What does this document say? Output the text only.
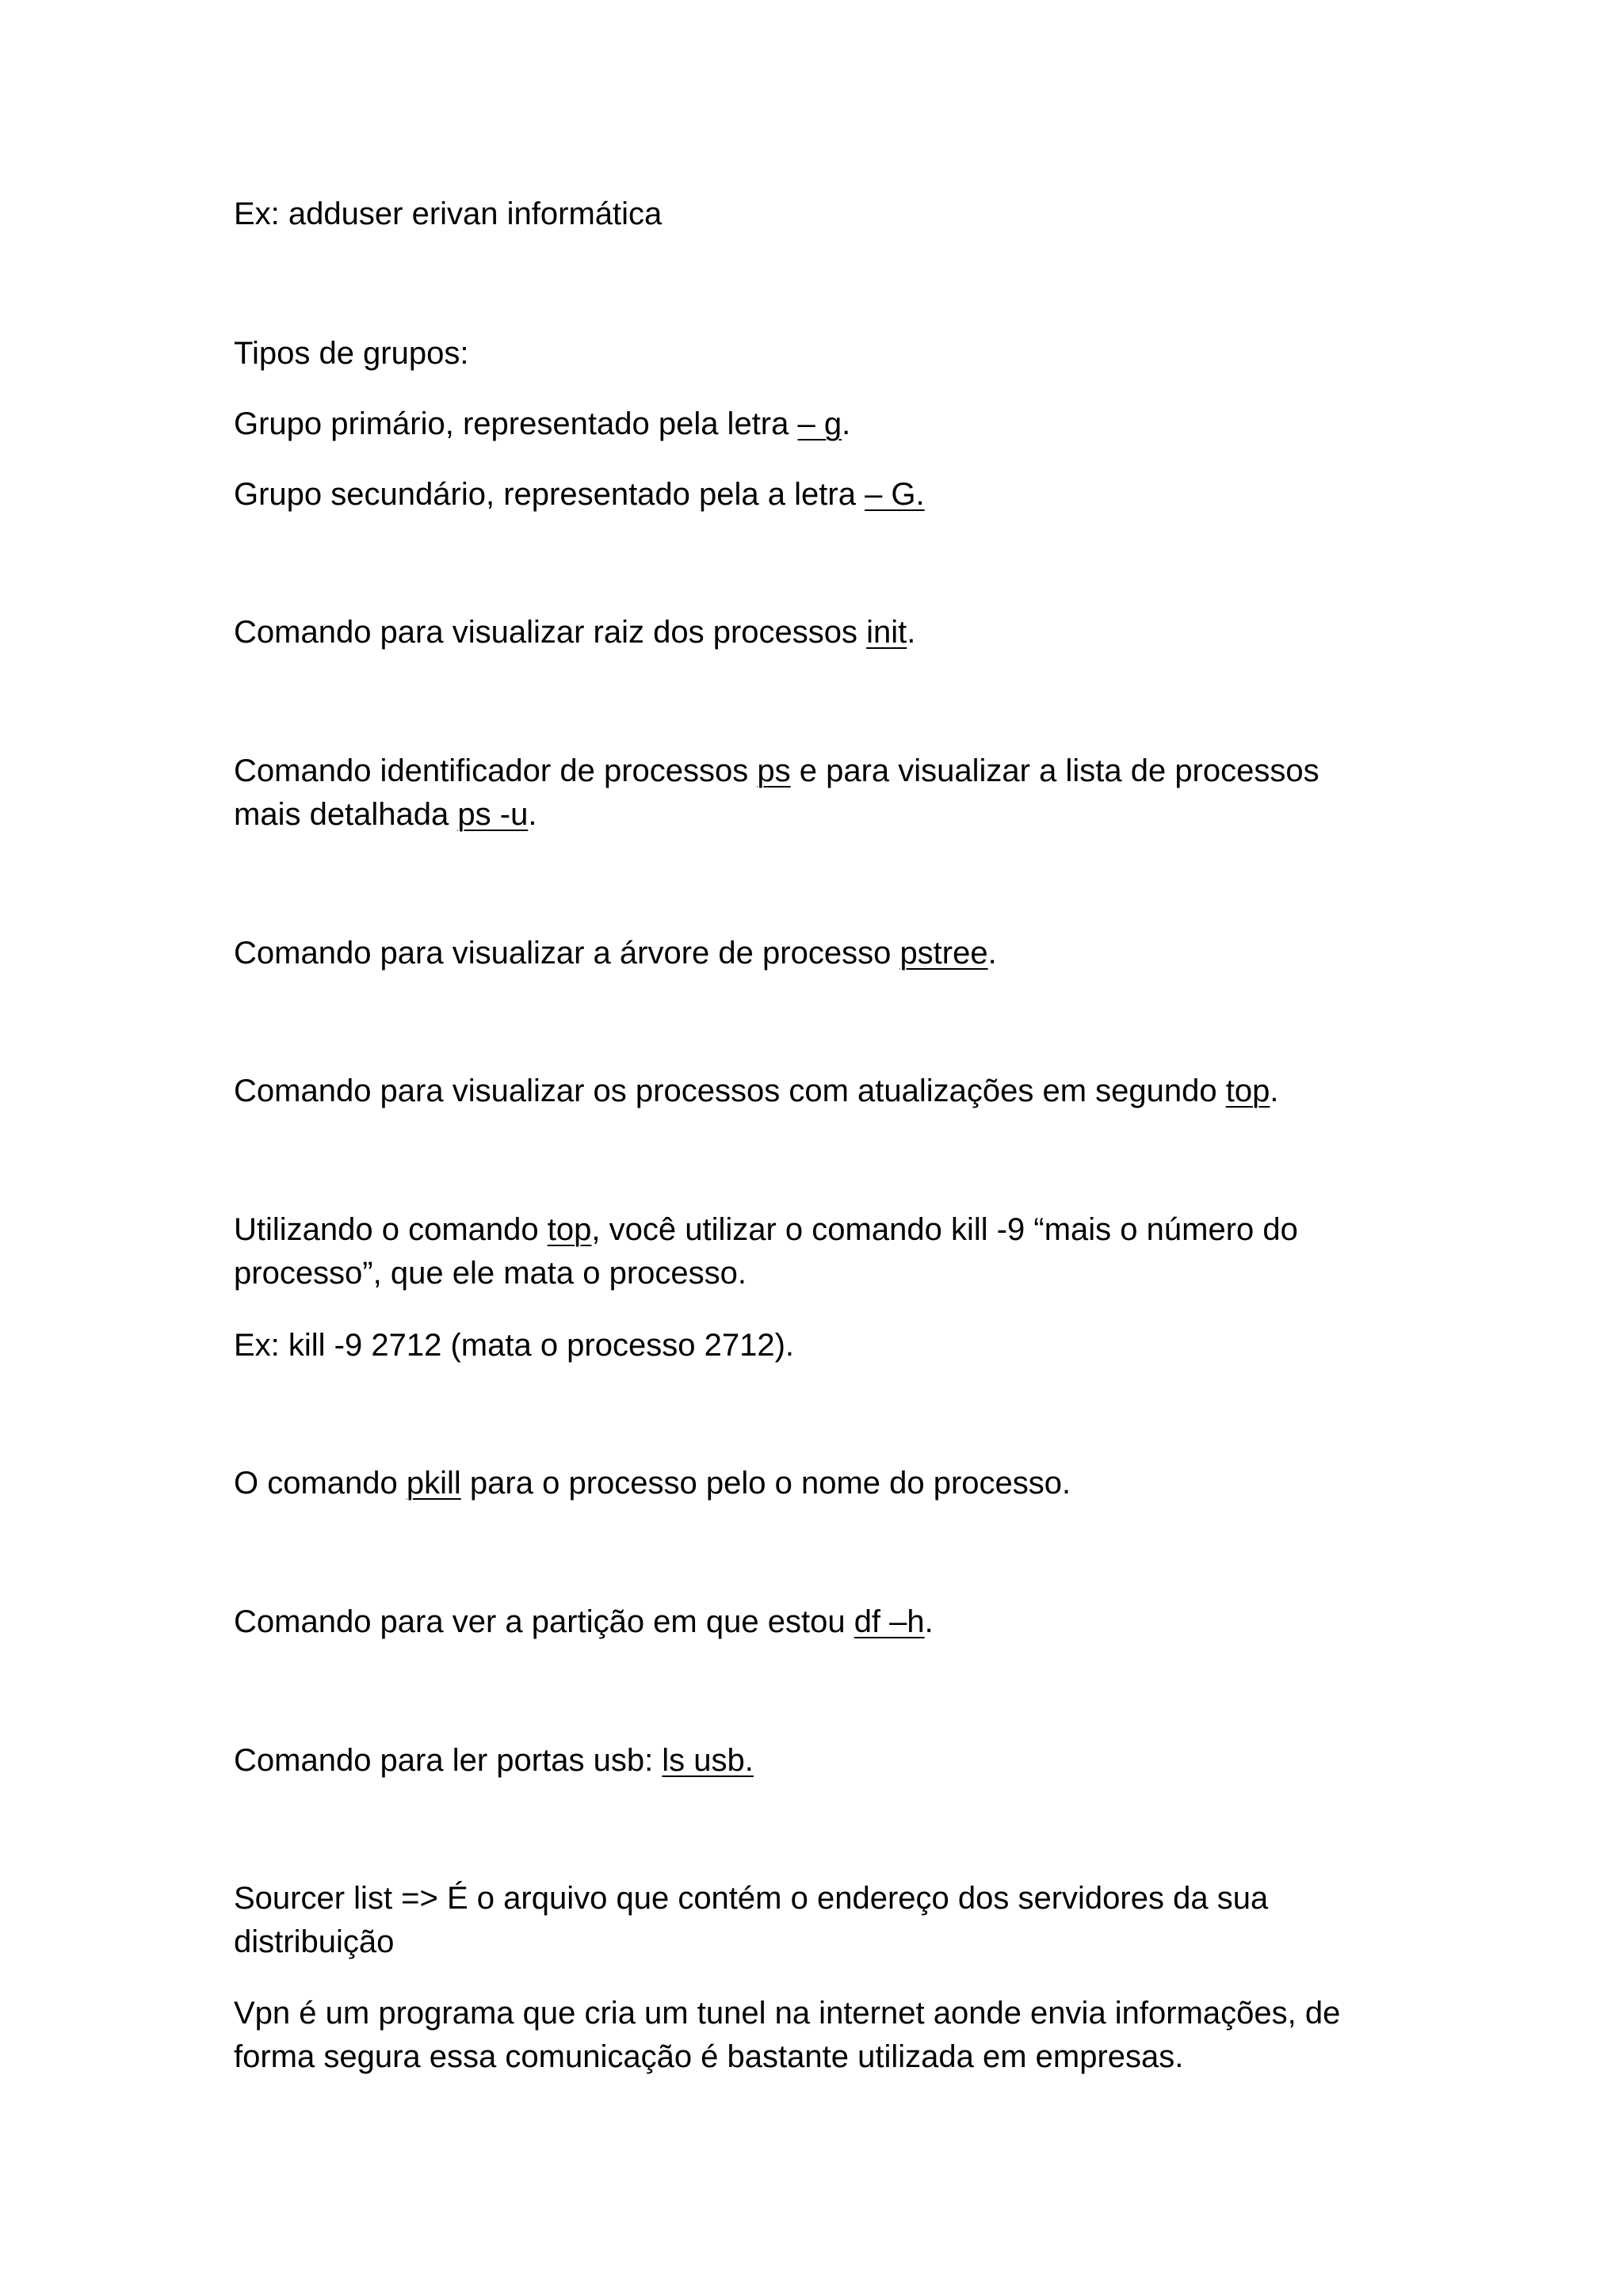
Ex: adduser erivan informática

Tipos de grupos:

Grupo primário, representado pela letra – g.

Grupo secundário, representado pela a letra – G.

Comando para visualizar raiz dos processos init.

Comando identificador de processos ps e para visualizar a lista de processos

mais detalhada ps -u.

Comando para visualizar a árvore de processo pstree.

Comando para visualizar os processos com atualizações em segundo top.

Utilizando o comando top, você utilizar o comando kill -9 “mais o número do

processo”, que ele mata o processo.

Ex: kill -9 2712 (mata o processo 2712).

O comando pkill para o processo pelo o nome do processo.

Comando para ver a partição em que estou df –h.

Comando para ler portas usb: ls usb.

Sourcer list => É o arquivo que contém o endereço dos servidores da sua

distribuição

Vpn é um programa que cria um tunel na internet aonde envia informações, de

forma segura essa comunicação é bastante utilizada em empresas.
